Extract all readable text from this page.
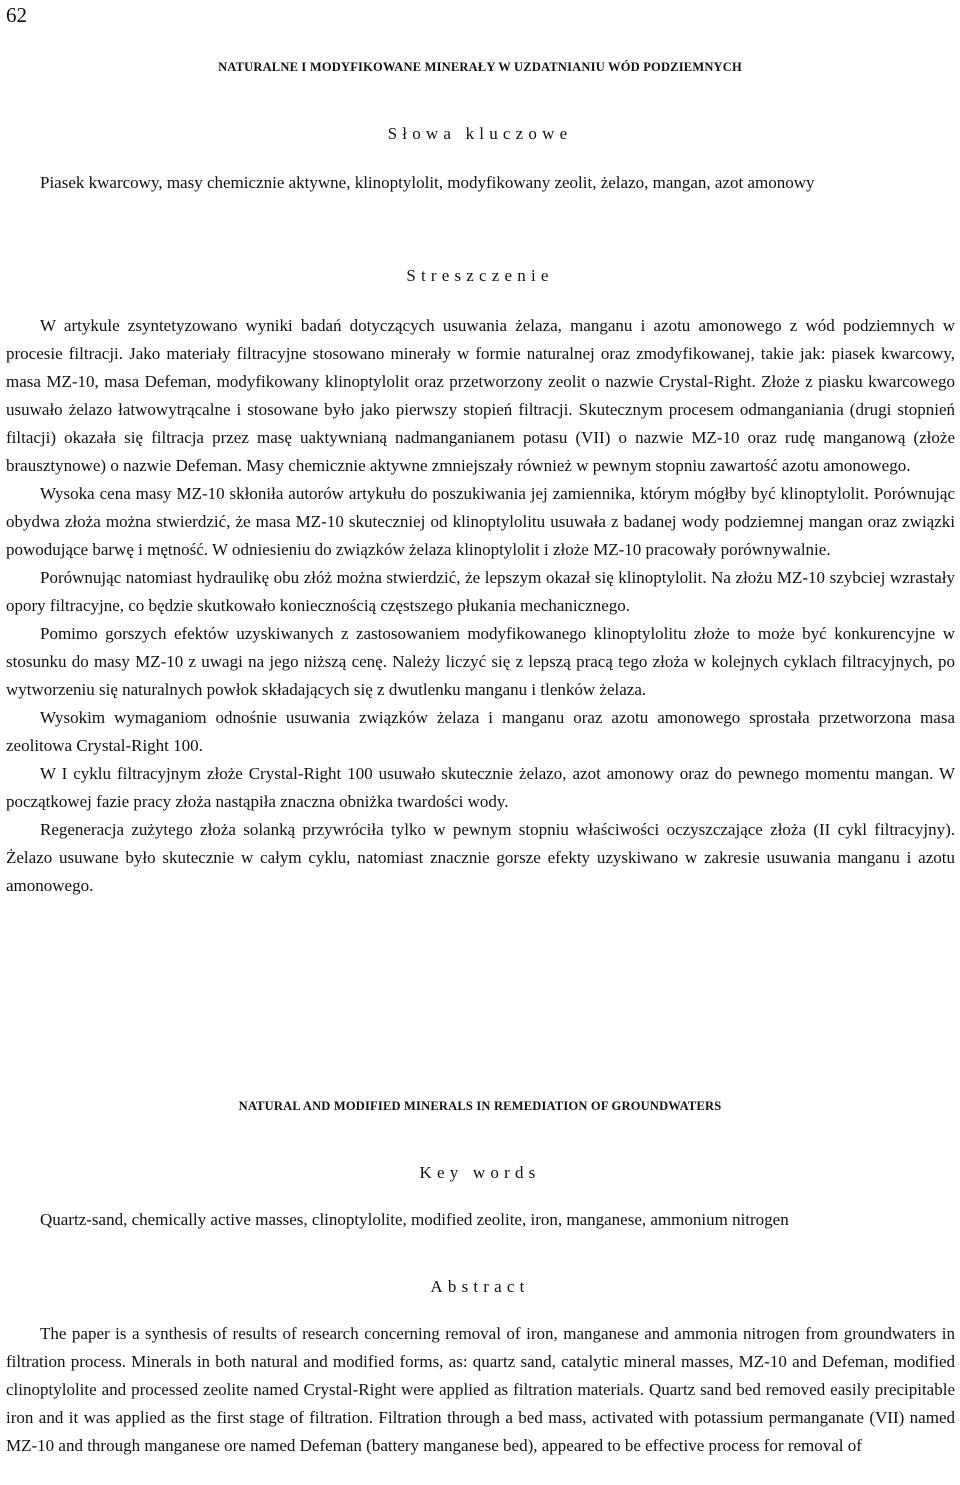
62
NATURALNE I MODYFIKOWANE MINERAŁY W UZDATNIANIU WÓD PODZIEMNYCH
Słowa kluczowe

Piasek kwarcowy, masy chemicznie aktywne, klinoptylolit, modyfikowany zeolit, żelazo, mangan, azot amonowy

Streszczenie

W artykule zsyntetyzowano wyniki badań dotyczących usuwania żelaza, manganu i azotu amonowego z wód podziemnych w procesie filtracji. Jako materiały filtracyjne stosowano minerały w formie naturalnej oraz zmodyfikowanej, takie jak: piasek kwarcowy, masa MZ-10, masa Defeman, modyfikowany klinoptylolit oraz przetworzony zeolit o nazwie Crystal-Right. Złoże z piasku kwarcowego usuwało żelazo łatwowytrącalne i stosowane było jako pierwszy stopień filtracji. Skutecznym procesem odmanganiania (drugi stopnień filtacji) okazała się filtracja przez masę uaktywnianą nadmanganianem potasu (VII) o nazwie MZ-10 oraz rudę manganową (złoże brausztynowe) o nazwie Defeman. Masy chemicznie aktywne zmniejszały również w pewnym stopniu zawartość azotu amonowego.

Wysoka cena masy MZ-10 skłoniła autorów artykułu do poszukiwania jej zamiennika, którym mógłby być klinoptylolit. Porównując obydwa złoża można stwierdzić, że masa MZ-10 skuteczniej od klinoptylolitu usuwała z badanej wody podziemnej mangan oraz związki powodujące barwę i mętność. W odniesieniu do związków żelaza klinoptylolit i złoże MZ-10 pracowały porównywalnie.

Porównując natomiast hydraulikę obu złóż można stwierdzić, że lepszym okazał się klinoptylolit. Na złożu MZ-10 szybciej wzrastały opory filtracyjne, co będzie skutkowało koniecznością częstszego płukania mechanicznego.

Pomimo gorszych efektów uzyskiwanych z zastosowaniem modyfikowanego klinoptylolitu złoże to może być konkurencyjne w stosunku do masy MZ-10 z uwagi na jego niższą cenę. Należy liczyć się z lepszą pracą tego złoża w kolejnych cyklach filtracyjnych, po wytworzeniu się naturalnych powłok składających się z dwutlenku manganu i tlenków żelaza.

Wysokim wymaganiom odnośnie usuwania związków żelaza i manganu oraz azotu amonowego sprostała przetworzona masa zeolitowa Crystal-Right 100.

W I cyklu filtracyjnym złoże Crystal-Right 100 usuwało skutecznie żelazo, azot amonowy oraz do pewnego momentu mangan. W początkowej fazie pracy złoża nastąpiła znaczna obniżka twardości wody.

Regeneracja zużytego złoża solanką przywróciła tylko w pewnym stopniu właściwości oczyszczające złoża (II cykl filtracyjny). Żelazo usuwane było skutecznie w całym cyklu, natomiast znacznie gorsze efekty uzyskiwano w zakresie usuwania manganu i azotu amonowego.

NATURAL AND MODIFIED MINERALS IN REMEDIATION OF GROUNDWATERS
Key words

Quartz-sand, chemically active masses, clinoptylolite, modified zeolite, iron, manganese, ammonium nitrogen

Abstract

The paper is a synthesis of results of research concerning removal of iron, manganese and ammonia nitrogen from groundwaters in filtration process. Minerals in both natural and modified forms, as: quartz sand, catalytic mineral masses, MZ-10 and Defeman, modified clinoptylolite and processed zeolite named Crystal-Right were applied as filtration materials. Quartz sand bed removed easily precipitable iron and it was applied as the first stage of filtration. Filtration through a bed mass, activated with potassium permanganate (VII) named MZ-10 and through manganese ore named Defeman (battery manganese bed), appeared to be effective process for removal of
